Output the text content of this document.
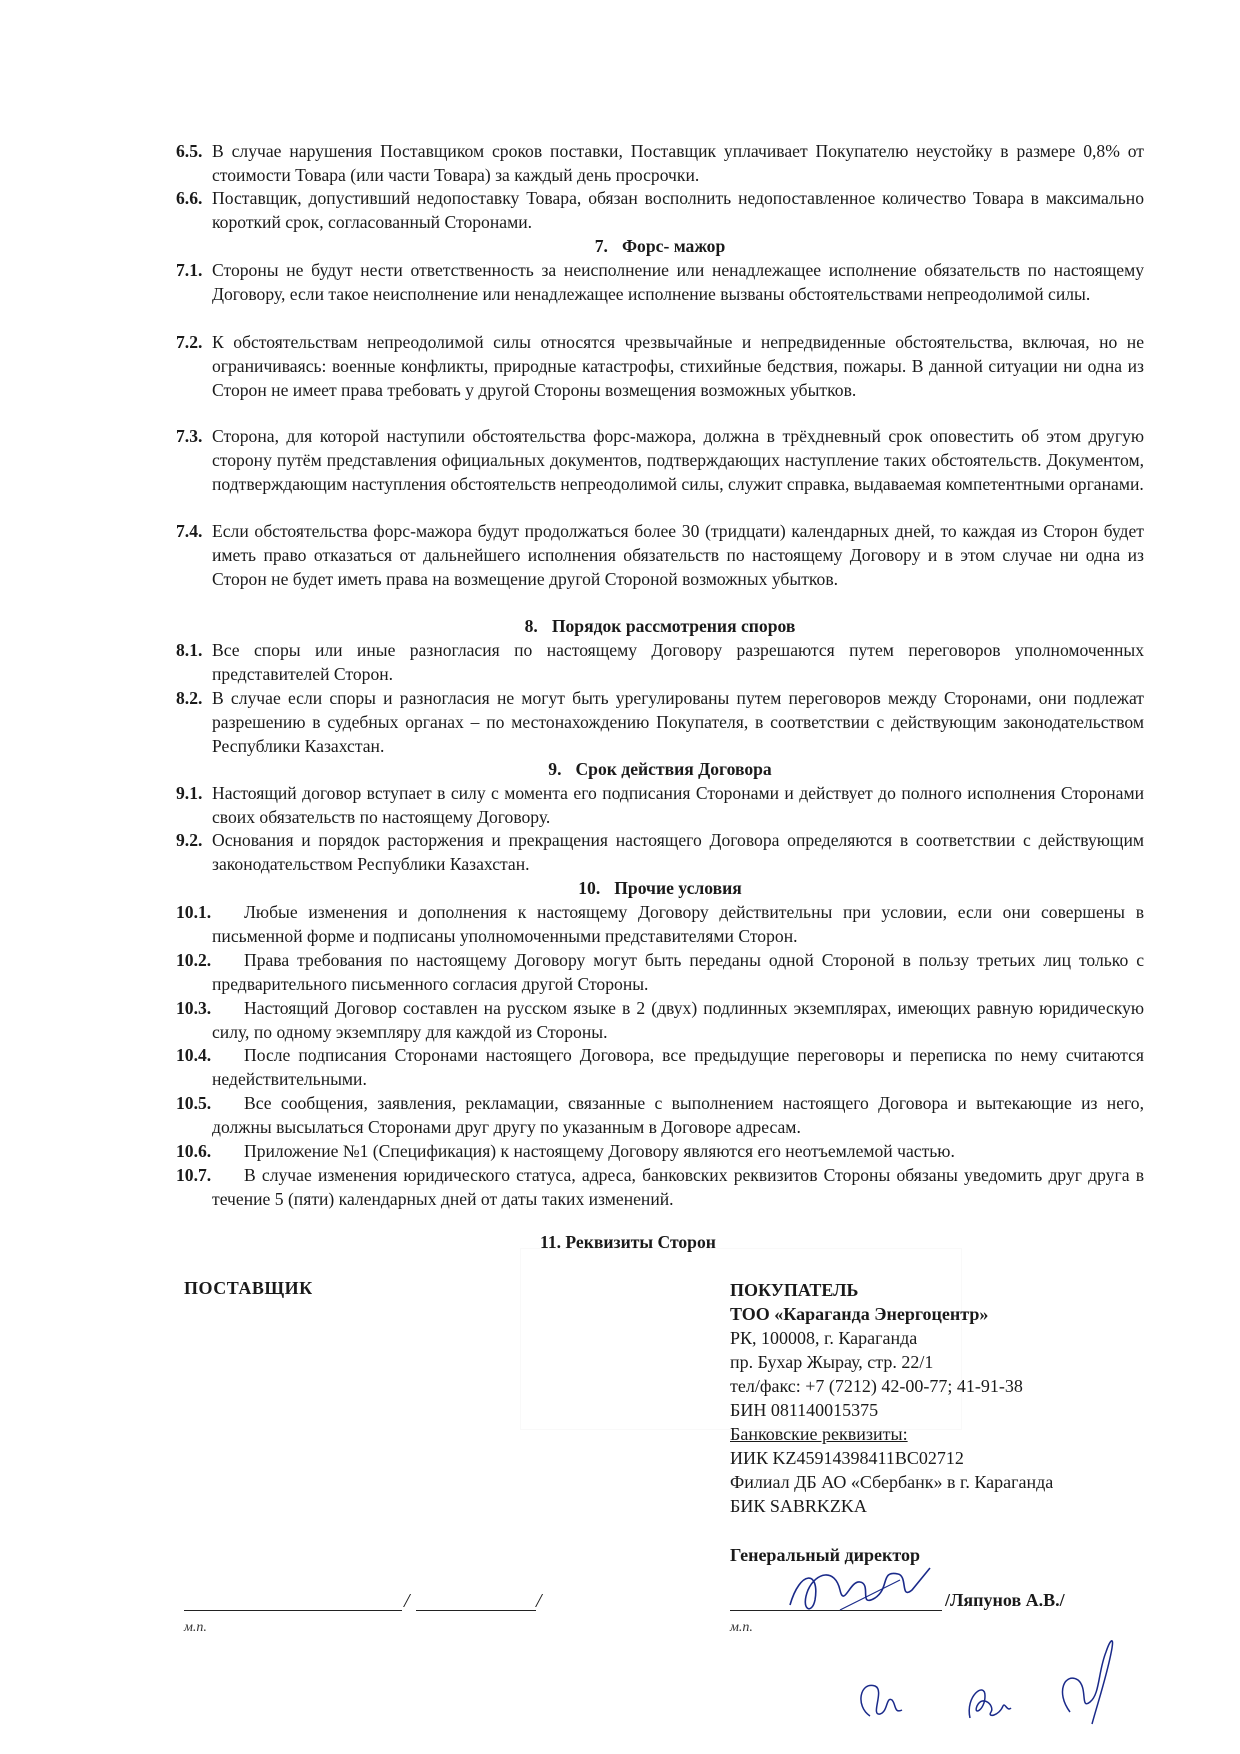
6.5. В случае нарушения Поставщиком сроков поставки, Поставщик уплачивает Покупателю неустойку в размере 0,8% от стоимости Товара (или части Товара) за каждый день просрочки.
6.6. Поставщик, допустивший недопоставку Товара, обязан восполнить недопоставленное количество Товара в максимально короткий срок, согласованный Сторонами.
7. Форс- мажор
7.1. Стороны не будут нести ответственность за неисполнение или ненадлежащее исполнение обязательств по настоящему Договору, если такое неисполнение или ненадлежащее исполнение вызваны обстоятельствами непреодолимой силы.
7.2. К обстоятельствам непреодолимой силы относятся чрезвычайные и непредвиденные обстоятельства, включая, но не ограничиваясь: военные конфликты, природные катастрофы, стихийные бедствия, пожары. В данной ситуации ни одна из Сторон не имеет права требовать у другой Стороны возмещения возможных убытков.
7.3. Сторона, для которой наступили обстоятельства форс-мажора, должна в трёхдневный срок оповестить об этом другую сторону путём представления официальных документов, подтверждающих наступление таких обстоятельств. Документом, подтверждающим наступления обстоятельств непреодолимой силы, служит справка, выдаваемая компетентными органами.
7.4. Если обстоятельства форс-мажора будут продолжаться более 30 (тридцати) календарных дней, то каждая из Сторон будет иметь право отказаться от дальнейшего исполнения обязательств по настоящему Договору и в этом случае ни одна из Сторон не будет иметь права на возмещение другой Стороной возможных убытков.
8. Порядок рассмотрения споров
8.1. Все споры или иные разногласия по настоящему Договору разрешаются путем переговоров уполномоченных представителей Сторон.
8.2. В случае если споры и разногласия не могут быть урегулированы путем переговоров между Сторонами, они подлежат разрешению в судебных органах – по местонахождению Покупателя, в соответствии с действующим законодательством Республики Казахстан.
9. Срок действия Договора
9.1. Настоящий договор вступает в силу с момента его подписания Сторонами и действует до полного исполнения Сторонами своих обязательств по настоящему Договору.
9.2. Основания и порядок расторжения и прекращения настоящего Договора определяются в соответствии с действующим законодательством Республики Казахстан.
10. Прочие условия
10.1.	Любые изменения и дополнения к настоящему Договору действительны при условии, если они совершены в письменной форме и подписаны уполномоченными представителями Сторон.
10.2.	Права требования по настоящему Договору могут быть переданы одной Стороной в пользу третьих лиц только с предварительного письменного согласия другой Стороны.
10.3.	Настоящий Договор составлен на русском языке в 2 (двух) подлинных экземплярах, имеющих равную юридическую силу, по одному экземпляру для каждой из Стороны.
10.4.	После подписания Сторонами настоящего Договора, все предыдущие переговоры и переписка по нему считаются недействительными.
10.5.	Все сообщения, заявления, рекламации, связанные с выполнением настоящего Договора и вытекающие из него, должны высылаться Сторонами друг другу по указанным в Договоре адресам.
10.6.	Приложение №1 (Спецификация) к настоящему Договору являются его неотъемлемой частью.
10.7.	В случае изменения юридического статуса, адреса, банковских реквизитов Стороны обязаны уведомить друг друга в течение 5 (пяти) календарных дней от даты таких изменений.
11. Реквизиты Сторон
ПОСТАВЩИК	ПОКУПАТЕЛЬ
ТОО «Караганда Энергоцентр»
РК, 100008, г. Караганда
пр. Бухар Жырау, стр. 22/1
тел/факс: +7 (7212) 42-00-77; 41-91-38
БИН 081140015375
Банковские реквизиты:
ИИК KZ45914398411BC02712
Филиал ДБ АО «Сбербанк» в г. Караганда
БИК SABRKZKA
Генеральный директор
/	/
м.п.
/Ляпунов А.В./
м.п.
